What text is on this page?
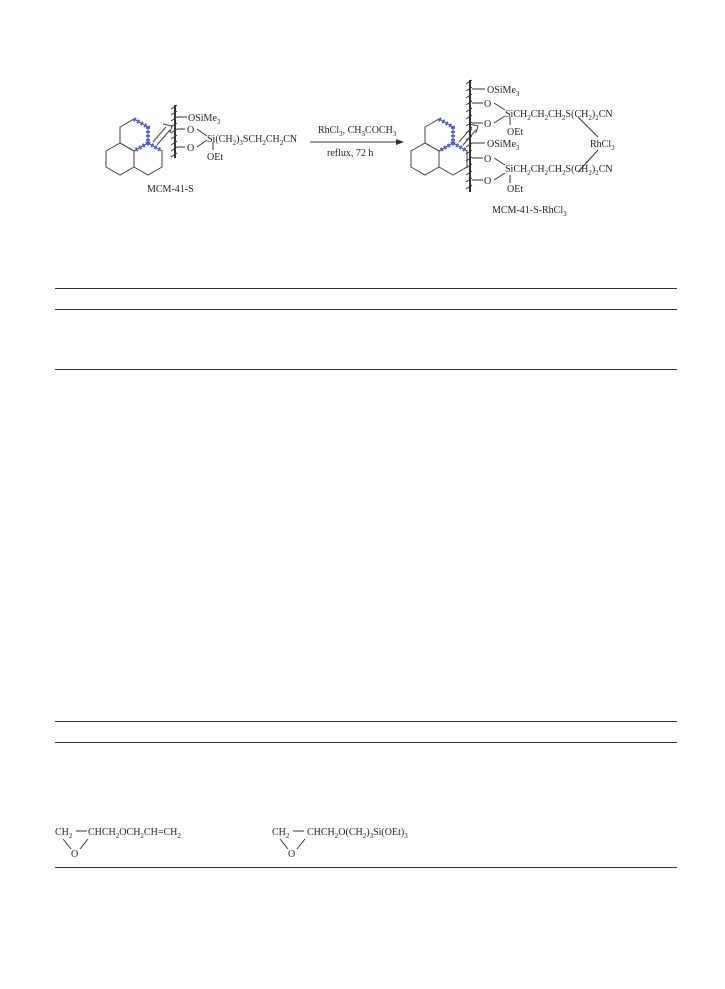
OSiMe$_3$
O
O
$Si(CH_2)_3SCH_2CH_2CN$
OEt
MCM-41-S
RhCl$_3$, $CH_3COCH_3$
reflux, 72 h
OSiMe$_3$
O
O
$SiCH_2CH_2CH_2S(CH_2)_2CN$
OEt
RhCl$_3$
OSiMe$_3$
O
O
$SiCH_2CH_2CH_2S(CH_2)_2CN$
OEt
MCM-41-S-RhCl$_3$
$CH_2$ $CHCH_2OCH_2CH=CH_2$
O
$CH_2$ $CHCH_2O(CH_2)_3Si(OEt)_3$
O
